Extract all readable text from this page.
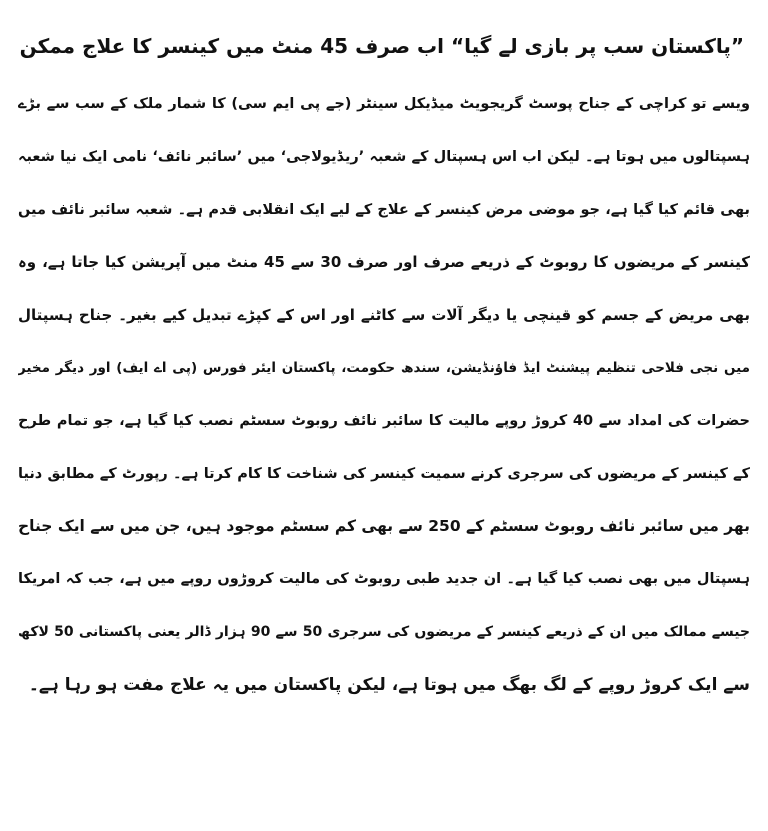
”پاکستان سب پر بازی لے گیا“ اب صرف 45 منٹ میں کینسر کا علاج ممکن
ویسے تو کراچی کے جناح پوسٹ گریجویٹ میڈیکل سینٹر (جے پی ایم سی) کا شمار ملک کے سب سے بڑے
ہسپتالوں میں ہوتا ہے۔ لیکن اب اس ہسپتال کے شعبہ ’ریڈیولاجی‘ میں ’سائبر نائف‘ نامی ایک نیا شعبہ
بھی قائم کیا گیا ہے، جو موضی مرض کینسر کے علاج کے لیے ایک انقلابی قدم ہے۔ شعبہ سائبر نائف میں
کینسر کے مریضوں کا روبوٹ کے ذریعے صرف اور صرف 30 سے 45 منٹ میں آپریشن کیا جاتا ہے، وہ
بھی مریض کے جسم کو قینچی یا دیگر آلات سے کاٹنے اور اس کے کپڑے تبدیل کیے بغیر۔ جناح ہسپتال
میں نجی فلاحی تنظیم پیشنٹ ایڈ فاؤنڈیشن، سندھ حکومت، پاکستان ایئر فورس (پی اے ایف) اور دیگر مخیر
حضرات کی امداد سے 40 کروڑ روپے مالیت کا سائبر نائف روبوٹ سسٹم نصب کیا گیا ہے، جو تمام طرح
کے کینسر کے مریضوں کی سرجری کرنے سمیت کینسر کی شناخت کا کام کرتا ہے۔ رپورٹ کے مطابق دنیا
بھر میں سائبر نائف روبوٹ سسٹم کے 250 سے بھی کم سسٹم موجود ہیں، جن میں سے ایک جناح
ہسپتال میں بھی نصب کیا گیا ہے۔ ان جدید طبی روبوٹ کی مالیت کروڑوں روپے میں ہے، جب کہ امریکا
جیسے ممالک میں ان کے ذریعے کینسر کے مریضوں کی سرجری 50 سے 90 ہزار ڈالر یعنی پاکستانی 50 لاکھ
سے ایک کروڑ روپے کے لگ بھگ میں ہوتا ہے، لیکن پاکستان میں یہ علاج مفت ہو رہا ہے۔
